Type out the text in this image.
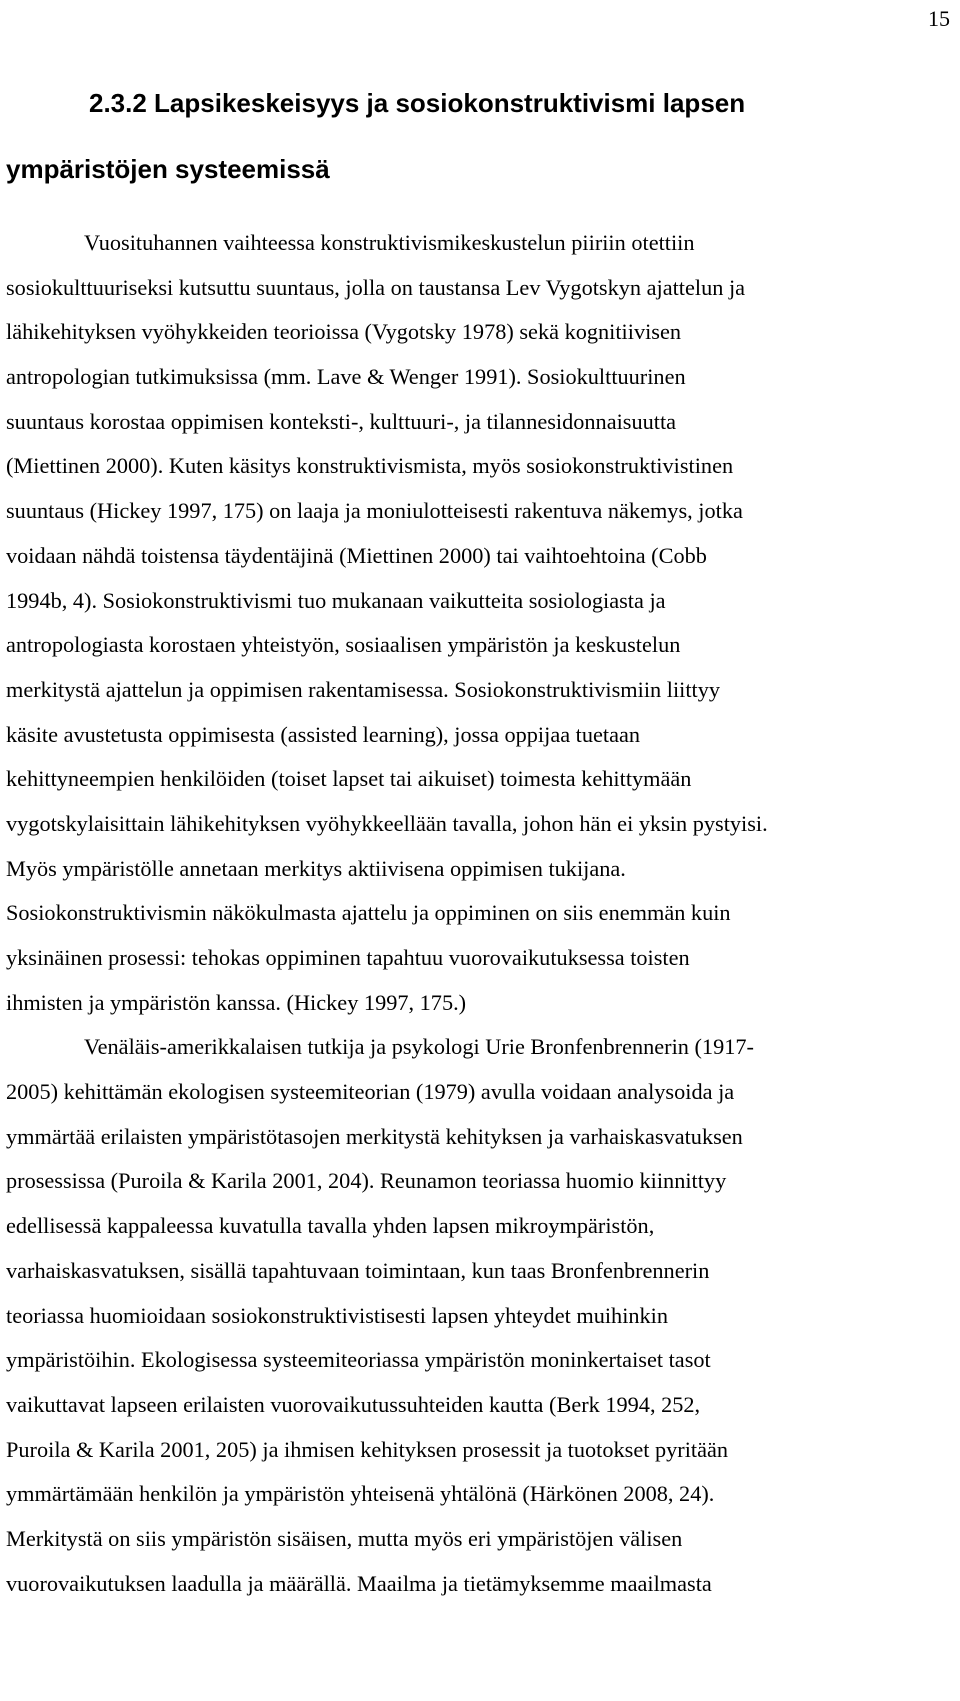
15
2.3.2 Lapsikeskeisyys ja sosiokonstruktivismi lapsen
ympäristöjen systeemissä
Vuosituhannen vaihteessa konstruktivismikeskustelun piiriin otettiin
sosiokulttuuriseksi kutsuttu suuntaus, jolla on taustansa Lev Vygotskyn ajattelun ja
lähikehityksen vyöhykkeiden teorioissa (Vygotsky 1978) sekä kognitiivisen
antropologian tutkimuksissa (mm. Lave & Wenger 1991). Sosiokulttuurinen
suuntaus korostaa oppimisen konteksti-, kulttuuri-, ja tilannesidonnaisuutta
(Miettinen 2000). Kuten käsitys konstruktivismista, myös sosiokonstruktivistinen
suuntaus (Hickey 1997, 175) on laaja ja moniulotteisesti rakentuva näkemys, jotka
voidaan nähdä toistensa täydentäjinä (Miettinen 2000) tai vaihtoehtoina (Cobb
1994b, 4). Sosiokonstruktivismi tuo mukanaan vaikutteita sosiologiasta ja
antropologiasta korostaen yhteistyön, sosiaalisen ympäristön ja keskustelun
merkitystä ajattelun ja oppimisen rakentamisessa. Sosiokonstruktivismiin liittyy
käsite avustetusta oppimisesta (assisted learning), jossa oppijaa tuetaan
kehittyneempien henkilöiden (toiset lapset tai aikuiset) toimesta kehittymään
vygotskylaisittain lähikehityksen vyöhykkeellään tavalla, johon hän ei yksin pystyisi.
Myös ympäristölle annetaan merkitys aktiivisena oppimisen tukijana.
Sosiokonstruktivismin näkökulmasta ajattelu ja oppiminen on siis enemmän kuin
yksinäinen prosessi: tehokas oppiminen tapahtuu vuorovaikutuksessa toisten
ihmisten ja ympäristön kanssa. (Hickey 1997, 175.)
Venäläis-amerikkalaisen tutkija ja psykologi Urie Bronfenbrennerin (1917-
2005) kehittämän ekologisen systeemiteorian (1979) avulla voidaan analysoida ja
ymmärtää erilaisten ympäristötasojen merkitystä kehityksen ja varhaiskasvatuksen
prosessissa (Puroila & Karila 2001, 204). Reunamon teoriassa huomio kiinnittyy
edellisessä kappaleessa kuvatulla tavalla yhden lapsen mikroympäristön,
varhaiskasvatuksen, sisällä tapahtuvaan toimintaan, kun taas Bronfenbrennerin
teoriassa huomioidaan sosiokonstruktivistisesti lapsen yhteydet muihinkin
ympäristöihin. Ekologisessa systeemiteoriassa ympäristön moninkertaiset tasot
vaikuttavat lapseen erilaisten vuorovaikutussuhteiden kautta (Berk 1994, 252,
Puroila & Karila 2001, 205) ja ihmisen kehityksen prosessit ja tuotokset pyritään
ymmärtämään henkilön ja ympäristön yhteisenä yhtälönä (Härkönen 2008, 24).
Merkitystä on siis ympäristön sisäisen, mutta myös eri ympäristöjen välisen
vuorovaikutuksen laadulla ja määrällä. Maailma ja tietämyksemme maailmasta
